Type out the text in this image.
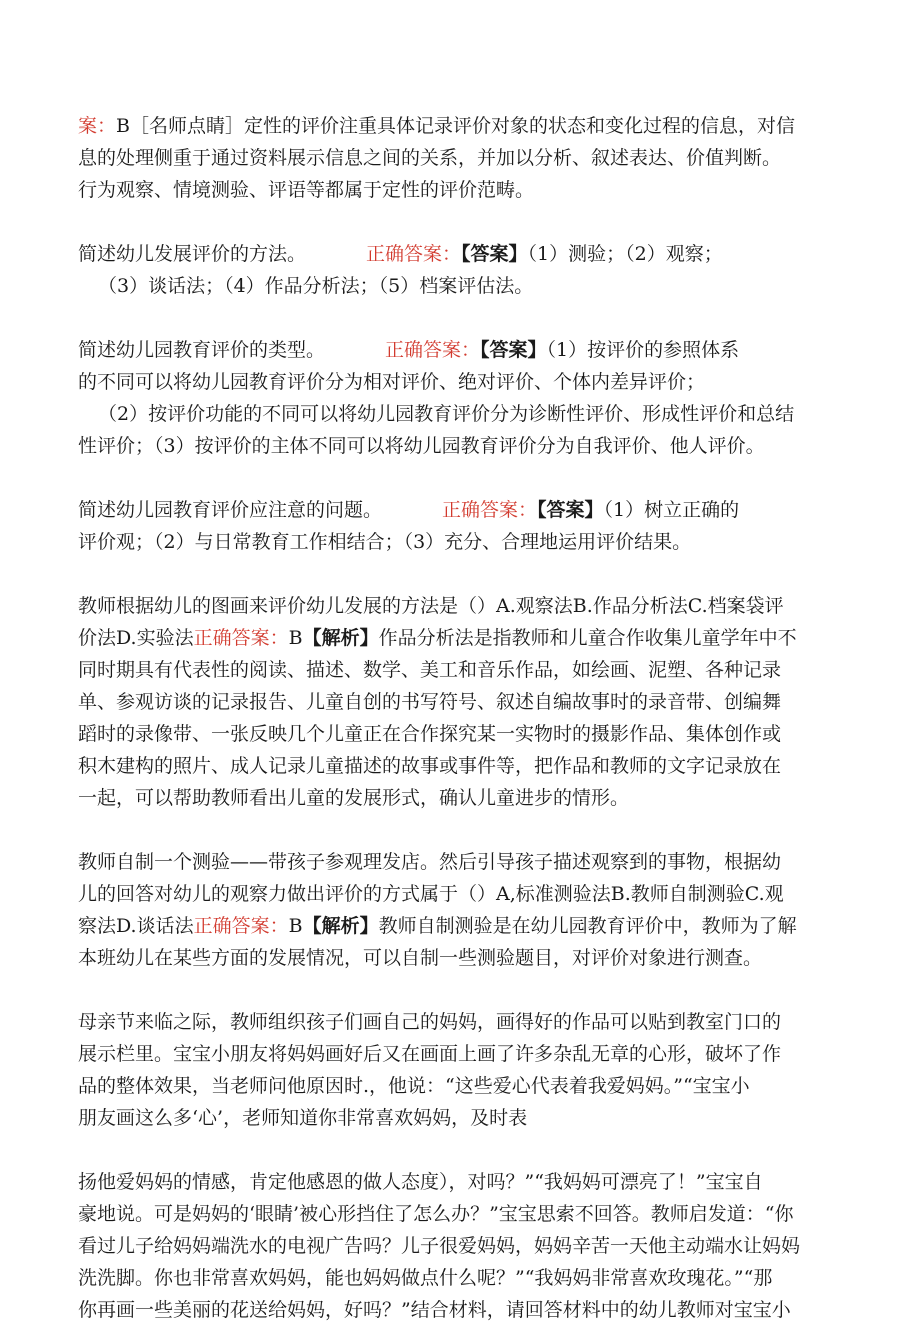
案：B［名师点睛］定性的评价注重具体记录评价对象的状态和变化过程的信息，对信
息的处理侧重于通过资料展示信息之间的关系，并加以分析、叙述表达、价值判断。
行为观察、情境测验、评语等都属于定性的评价范畴。
简述幼儿发展评价的方法。	正确答案：【答案】（1）测验；（2）观察；
（3）谈话法；（4）作品分析法；（5）档案评估法。
简述幼儿园教育评价的类型。	正确答案：【答案】（1）按评价的参照体系
的不同可以将幼儿园教育评价分为相对评价、绝对评价、个体内差异评价；
（2）按评价功能的不同可以将幼儿园教育评价分为诊断性评价、形成性评价和总结
性评价；（3）按评价的主体不同可以将幼儿园教育评价分为自我评价、他人评价。
简述幼儿园教育评价应注意的问题。	正确答案：【答案】（1）树立正确的
评价观；（2）与日常教育工作相结合；（3）充分、合理地运用评价结果。
教师根据幼儿的图画来评价幼儿发展的方法是（）A.观察法B.作品分析法C.档案袋评
价法D.实验法正确答案：B【解析】作品分析法是指教师和儿童合作收集儿童学年中不
同时期具有代表性的阅读、描述、数学、美工和音乐作品，如绘画、泥塑、各种记录
单、参观访谈的记录报告、儿童自创的书写符号、叙述自编故事时的录音带、创编舞
蹈时的录像带、一张反映几个儿童正在合作探究某一实物时的摄影作品、集体创作或
积木建构的照片、成人记录儿童描述的故事或事件等，把作品和教师的文字记录放在
一起，可以帮助教师看出儿童的发展形式，确认儿童进步的情形。
教师自制一个测验——带孩子参观理发店。然后引导孩子描述观察到的事物，根据幼
儿的回答对幼儿的观察力做出评价的方式属于（）A,标准测验法B.教师自制测验C.观
察法D.谈话法正确答案：B【解析】教师自制测验是在幼儿园教育评价中，教师为了解
本班幼儿在某些方面的发展情况，可以自制一些测验题目，对评价对象进行测查。
母亲节来临之际，教师组织孩子们画自己的妈妈，画得好的作品可以贴到教室门口的
展示栏里。宝宝小朋友将妈妈画好后又在画面上画了许多杂乱无章的心形，破坏了作
品的整体效果，当老师问他原因时.，他说：“这些爱心代表着我爱妈妈。”“宝宝小
朋友画这么多‘心’，老师知道你非常喜欢妈妈，及时表
扬他爱妈妈的情感，肯定他感恩的做人态度），对吗？”“我妈妈可漂亮了！”宝宝自
豪地说。可是妈妈的‘眼睛’被心形挡住了怎么办？”宝宝思索不回答。教师启发道：“你
看过儿子给妈妈端洗水的电视广告吗？儿子很爱妈妈，妈妈辛苦一天他主动端水让妈妈
洗洗脚。你也非常喜欢妈妈，能也妈妈做点什么呢？”“我妈妈非常喜欢玫瑰花。”“那
你再画一些美丽的花送给妈妈，好吗？”结合材料，请回答材料中的幼儿教师对宝宝小
